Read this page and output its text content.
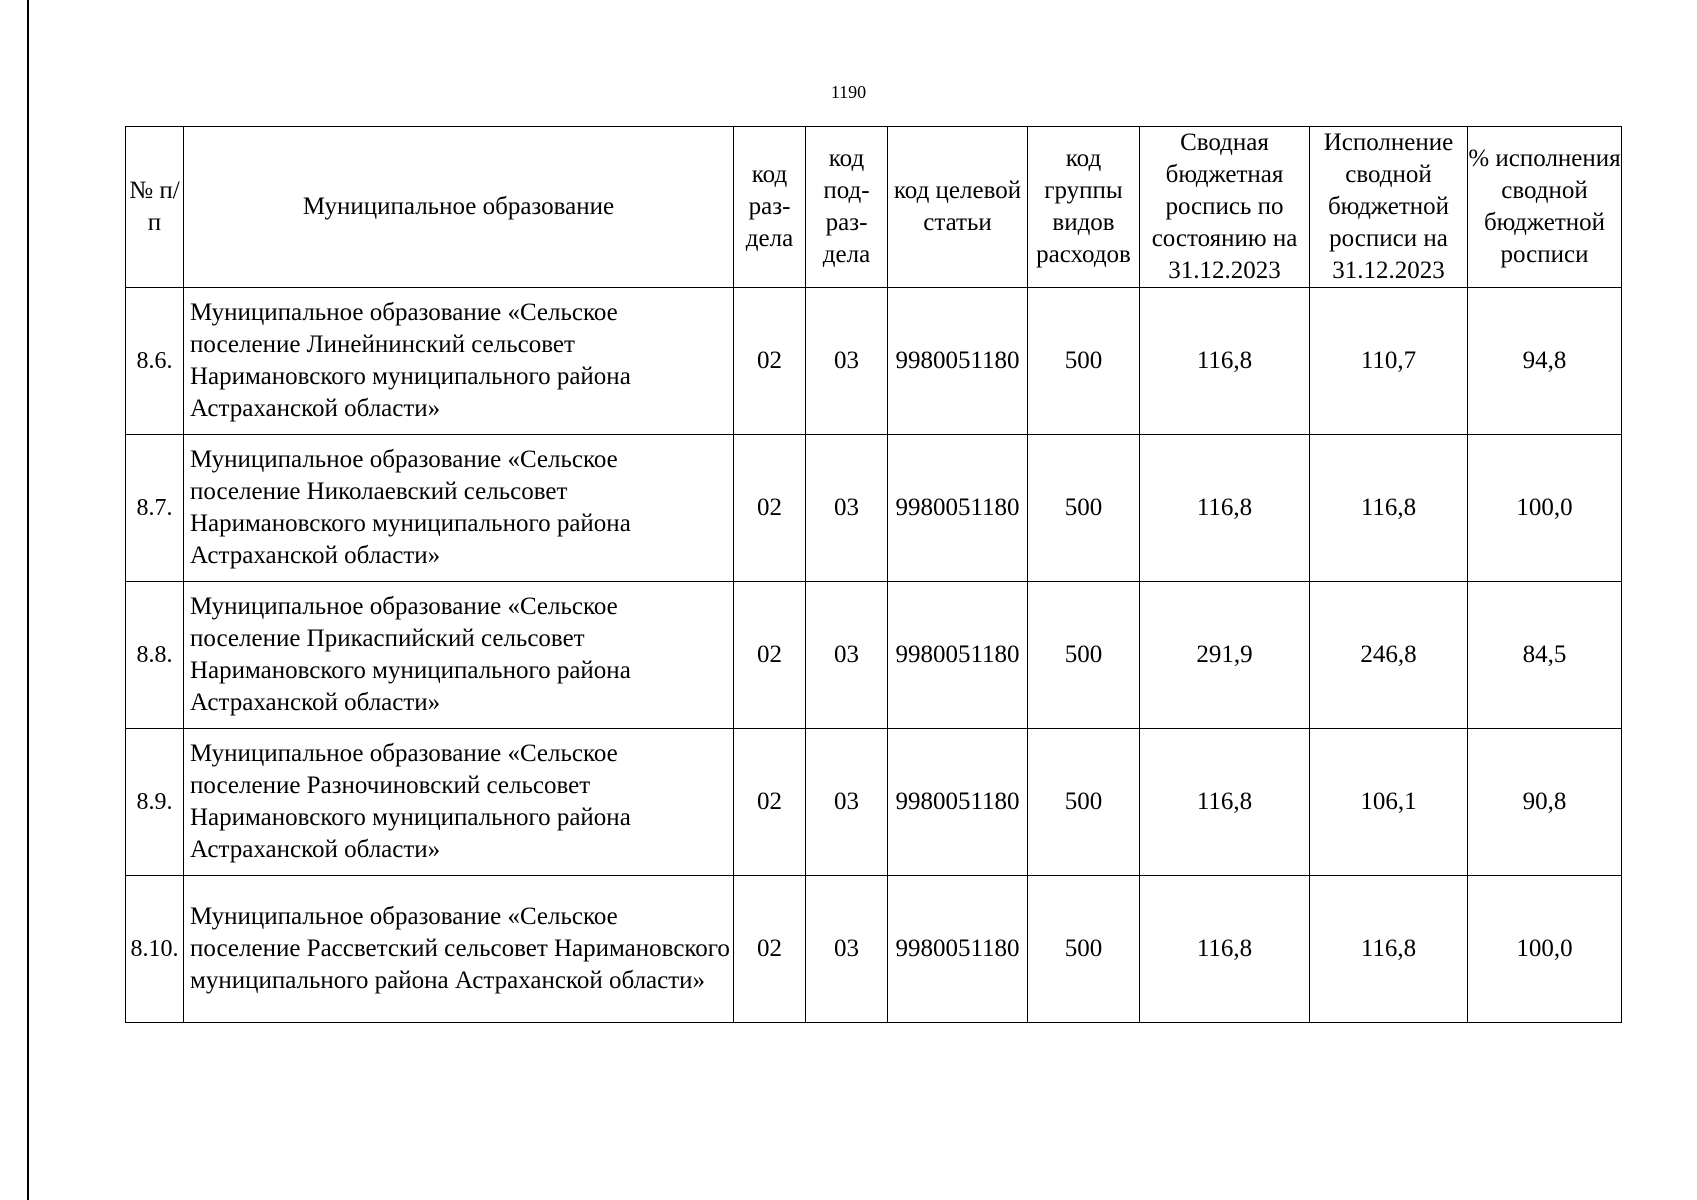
1190
№ п/п	Муниципальное образование	код раз- дела	код под- раз- дела	код целевой статьи	код группы видов расходов	Сводная бюджетная роспись по состоянию на 31.12.2023	Исполнение сводной бюджетной росписи на 31.12.2023	% исполнения сводной бюджетной росписи
8.6.	Муниципальное образование «Сельское поселение Линейнинский сельсовет Наримановского муниципального района Астраханской области»	02	03	9980051180	500	116,8	110,7	94,8
8.7.	Муниципальное образование «Сельское поселение Николаевский сельсовет Наримановского муниципального района Астраханской области»	02	03	9980051180	500	116,8	116,8	100,0
8.8.	Муниципальное образование «Сельское поселение Прикаспийский сельсовет Наримановского муниципального района Астраханской области»	02	03	9980051180	500	291,9	246,8	84,5
8.9.	Муниципальное образование «Сельское поселение Разночиновский сельсовет Наримановского муниципального района Астраханской области»	02	03	9980051180	500	116,8	106,1	90,8
8.10.	Муниципальное образование «Сельское поселение Рассветский сельсовет Наримановского муниципального района Астраханской области»	02	03	9980051180	500	116,8	116,8	100,0
